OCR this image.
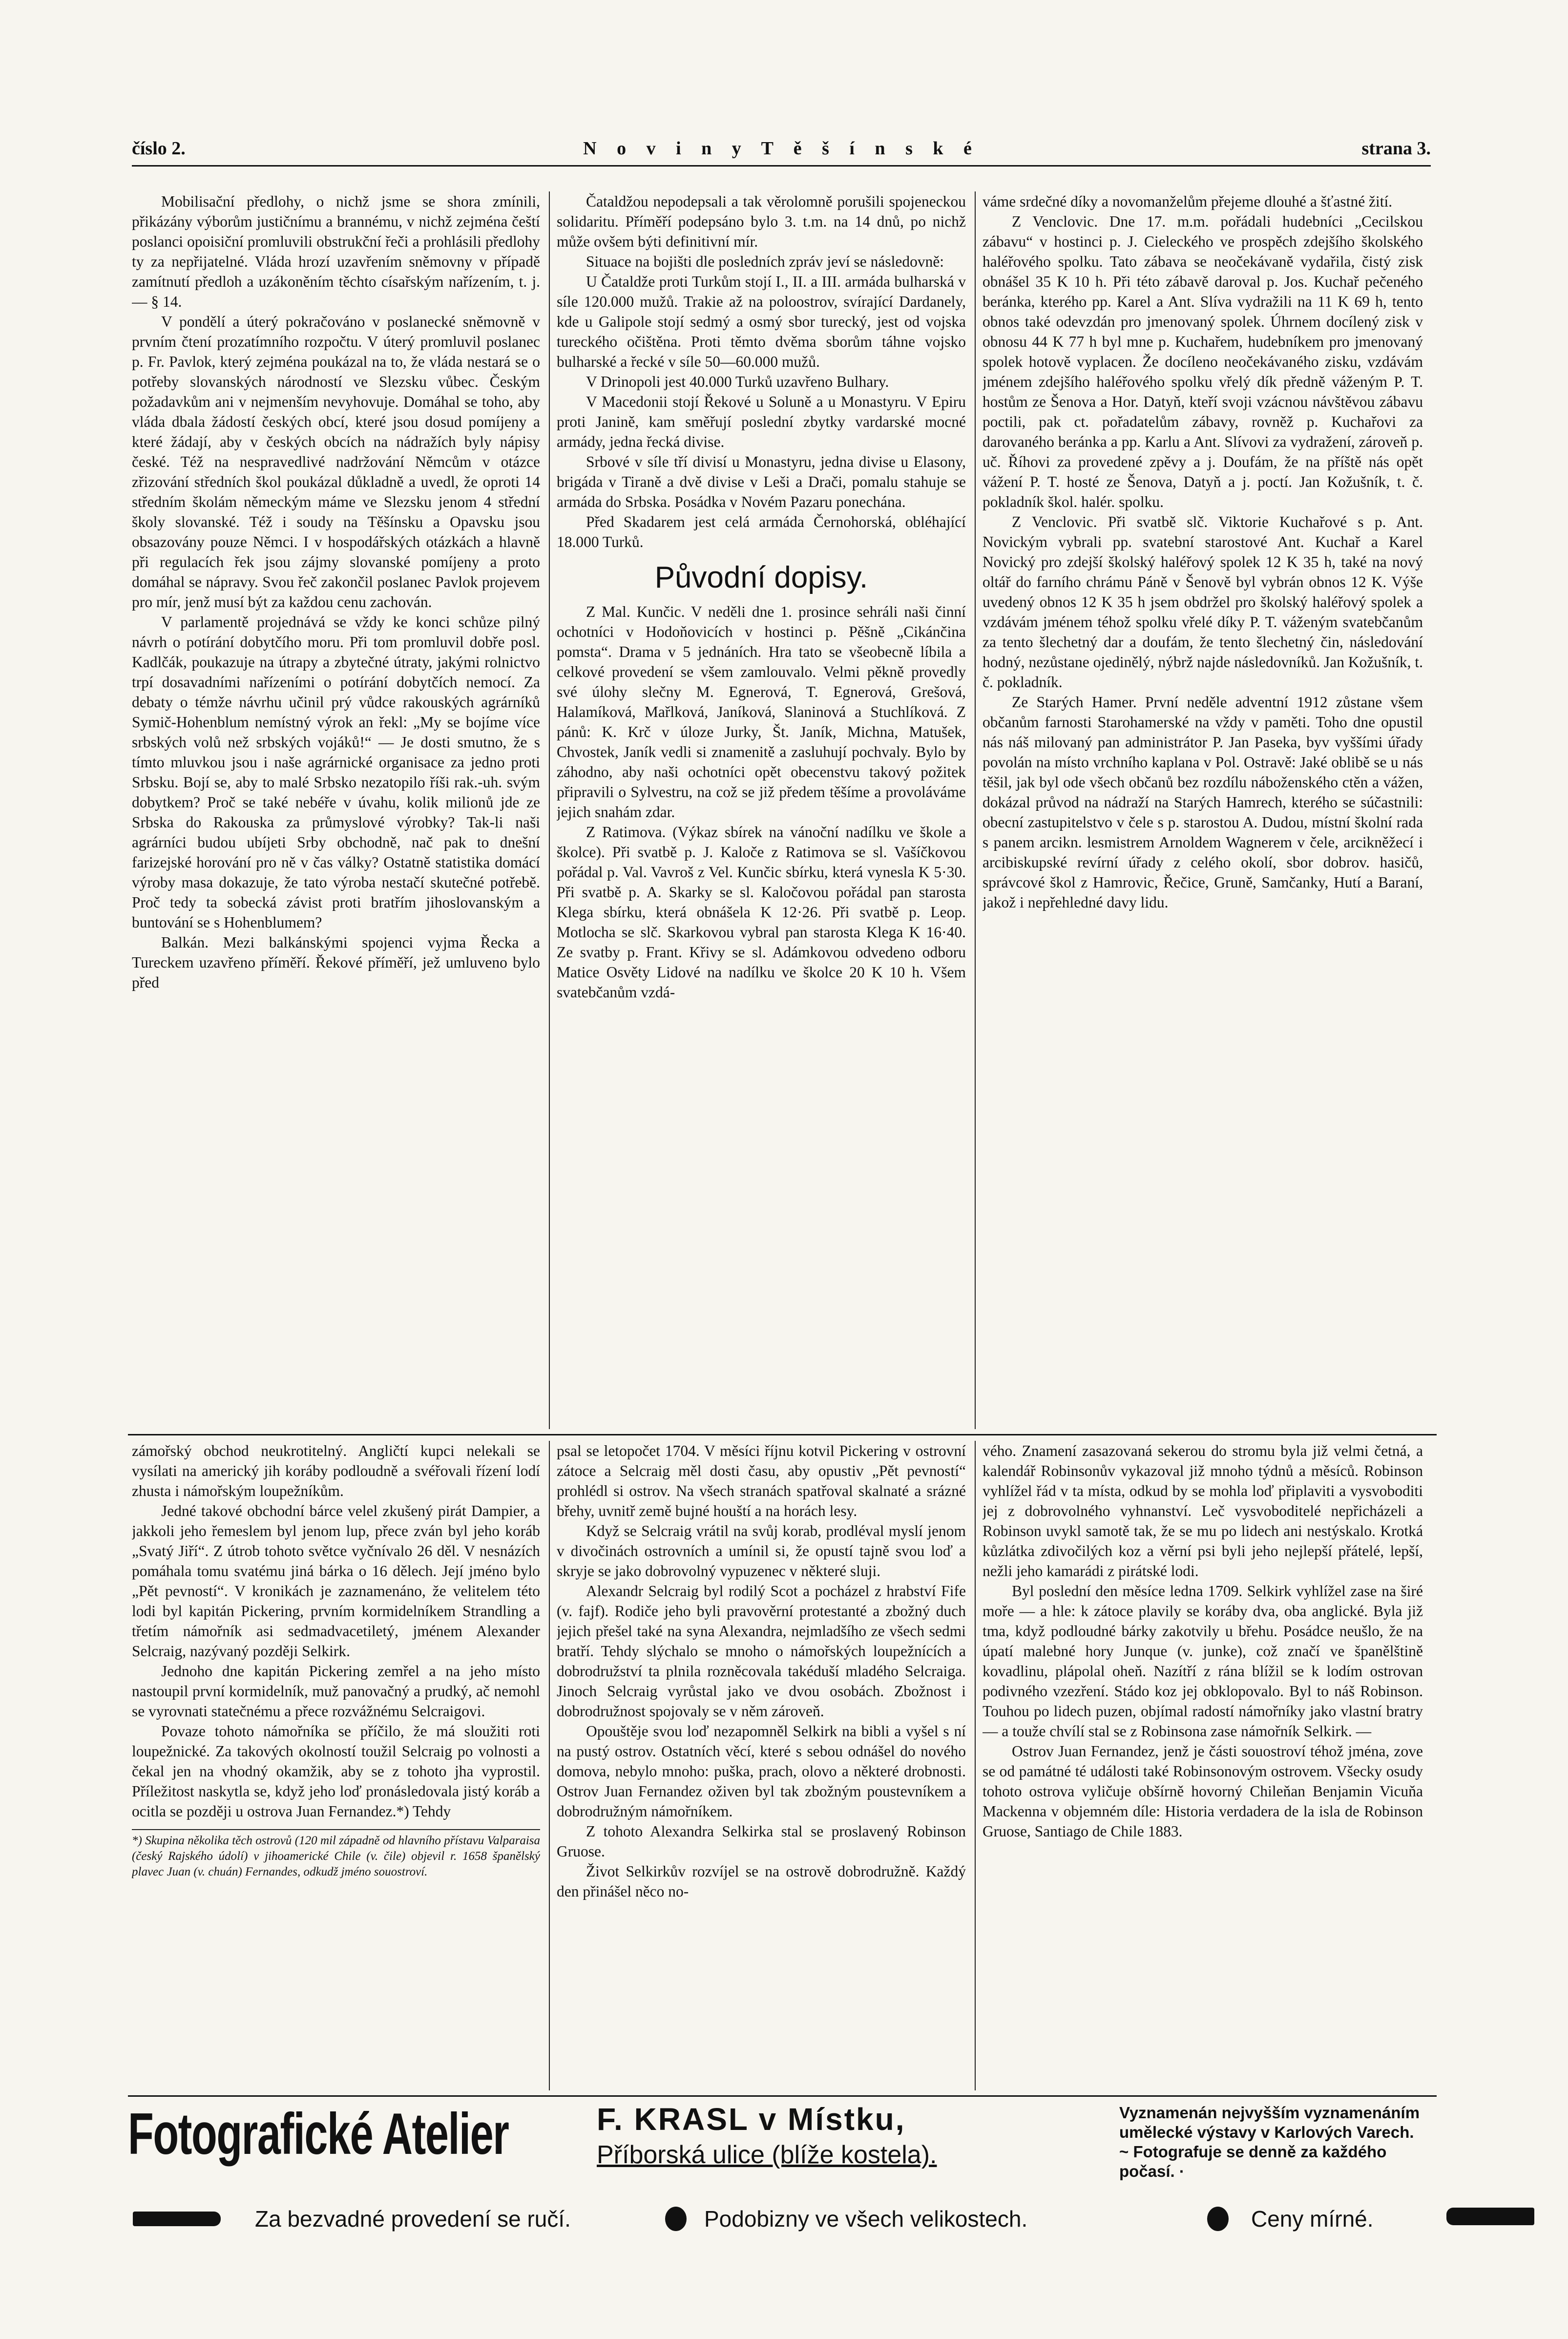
číslo 2.	N o v i n y T ě š í n s k é	strana 3.

Mobilisační předlohy, o nichž jsme se shora zmínili, přikázány výborům justičnímu a brannému, v nichž zejména čeští poslanci opoisiční promluvili obstrukční řeči a prohlásili předlohy ty za nepřijatelné. Vláda hrozí uzavřením sněmovny v případě zamítnutí předloh a uzákoněním těchto císařským nařízením, t. j. — § 14.

V pondělí a úterý pokračováno v poslanecké sněmovně v prvním čtení prozatímního rozpočtu. V úterý promluvil poslanec p. Fr. Pavlok, který zejména poukázal na to, že vláda nestará se o potřeby slovanských národností ve Slezsku vůbec. Českým požadavkům ani v nejmenším nevyhovuje. Domáhal se toho, aby vláda dbala žádostí českých obcí, které jsou dosud pomíjeny a které žádají, aby v českých obcích na nádražích byly nápisy české. Též na nespravedlivé nadržování Němcům v otázce zřizování středních škol poukázal důkladně a uvedl, že oproti 14 středním školám německým máme ve Slezsku jenom 4 střední školy slovanské. Též i soudy na Těšínsku a Opavsku jsou obsazovány pouze Němci. I v hospodářských otázkách a hlavně při regulacích řek jsou zájmy slovanské pomíjeny a proto domáhal se nápravy. Svou řeč zakončil poslanec Pavlok projevem pro mír, jenž musí být za každou cenu zachován.

V parlamentě projednává se vždy ke konci schůze pilný návrh o potírání dobytčího moru. Při tom promluvil dobře posl. Kadlčák, poukazuje na útrapy a zbytečné útraty, jakými rolnictvo trpí dosavadními nařízeními o potírání dobytčích nemocí. Za debaty o témže návrhu učinil prý vůdce rakouských agrárníků Symič-Hohenblum nemístný výrok an řekl: „My se bojíme více srbských volů než srbských vojáků!“ — Je dosti smutno, že s tímto mluvkou jsou i naše agrárnické organisace za jedno proti Srbsku. Bojí se, aby to malé Srbsko nezatopilo říši rak.-uh. svým dobytkem? Proč se také nebéře v úvahu, kolik milionů jde ze Srbska do Rakouska za průmyslové výrobky? Tak-li naši agrárníci budou ubíjeti Srby obchodně, nač pak to dnešní farizejské horování pro ně v čas války? Ostatně statistika domácí výroby masa dokazuje, že tato výroba nestačí skutečné potřebě. Proč tedy ta sobecká závist proti bratřím jihoslovanským a buntování se s Hohenblumem?

Balkán. Mezi balkánskými spojenci vyjma Řecka a Tureckem uzavřeno příměří. Řekové příměří, jež umluveno bylo před

Čataldžou nepodepsali a tak věrolomně porušili spojeneckou solidaritu. Příměří podepsáno bylo 3. t.m. na 14 dnů, po nichž může ovšem býti definitivní mír.

Situace na bojišti dle posledních zpráv jeví se následovně:

U Čataldže proti Turkům stojí I., II. a III. armáda bulharská v síle 120.000 mužů. Trakie až na poloostrov, svírající Dardanely, kde u Galipole stojí sedmý a osmý sbor turecký, jest od vojska tureckého očištěna. Proti těmto dvěma sborům táhne vojsko bulharské a řecké v síle 50—60.000 mužů.

V Drinopoli jest 40.000 Turků uzavřeno Bulhary.

V Macedonii stojí Řekové u Soluně a u Monastyru. V Epiru proti Janině, kam směřují poslední zbytky vardarské mocné armády, jedna řecká divise.

Srbové v síle tří divisí u Monastyru, jedna divise u Elasony, brigáda v Tiraně a dvě divise v Leši a Drači, pomalu stahuje se armáda do Srbska. Posádka v Novém Pazaru ponechána.

Před Skadarem jest celá armáda Černohorská, obléhající 18.000 Turků.

Původní dopisy.

Z Mal. Kunčic. V neděli dne 1. prosince sehráli naši činní ochotníci v Hodoňovicích v hostinci p. Pěšně „Cikánčina pomsta“. Drama v 5 jednáních. Hra tato se všeobecně líbila a celkové provedení se všem zamlouvalo. Velmi pěkně provedly své úlohy slečny M. Egnerová, T. Egnerová, Grešová, Halamíková, Mařlková, Janíková, Slaninová a Stuchlíková. Z pánů: K. Krč v úloze Jurky, Št. Janík, Michna, Matušek, Chvostek, Janík vedli si znamenitě a zasluhují pochvaly. Bylo by záhodno, aby naši ochotníci opět obecenstvu takový požitek připravili o Sylvestru, na což se již předem těšíme a provoláváme jejich snahám zdar.

Z Ratimova. (Výkaz sbírek na vánoční nadílku ve škole a školce). Při svatbě p. J. Kaloče z Ratimova se sl. Vašíčkovou pořádal p. Val. Vavroš z Vel. Kunčic sbírku, která vynesla K 5·30. Při svatbě p. A. Skarky se sl. Kaločovou pořádal pan starosta Klega sbírku, která obnášela K 12·26. Při svatbě p. Leop. Motlocha se slč. Skarkovou vybral pan starosta Klega K 16·40. Ze svatby p. Frant. Křivy se sl. Adámkovou odvedeno odboru Matice Osvěty Lidové na nadílku ve školce 20 K 10 h. Všem svatebčanům vzdá-

váme srdečné díky a novomanželům přejeme dlouhé a šťastné žití.

Z Venclovic. Dne 17. m.m. pořádali hudebníci „Cecilskou zábavu“ v hostinci p. J. Cieleckého ve prospěch zdejšího školského haléřového spolku. Tato zábava se neočekávaně vydařila, čistý zisk obnášel 35 K 10 h. Při této zábavě daroval p. Jos. Kuchař pečeného beránka, kterého pp. Karel a Ant. Slíva vydražili na 11 K 69 h, tento obnos také odevzdán pro jmenovaný spolek. Úhrnem docílený zisk v obnosu 44 K 77 h byl mne p. Kuchařem, hudebníkem pro jmenovaný spolek hotově vyplacen. Že docíleno neočekávaného zisku, vzdávám jménem zdejšího haléřového spolku vřelý dík předně váženým P. T. hostům ze Šenova a Hor. Datyň, kteří svoji vzácnou návštěvou zábavu poctili, pak ct. pořadatelům zábavy, rovněž p. Kuchařovi za darovaného beránka a pp. Karlu a Ant. Slívovi za vydražení, zároveň p. uč. Říhovi za provedené zpěvy a j. Doufám, že na příště nás opět vážení P. T. hosté ze Šenova, Datyň a j. poctí. Jan Kožušník, t. č. pokladník škol. halér. spolku.

Z Venclovic. Při svatbě slč. Viktorie Kuchařové s p. Ant. Novickým vybrali pp. svatební starostové Ant. Kuchař a Karel Novický pro zdejší školský haléřový spolek 12 K 35 h, také na nový oltář do farního chrámu Páně v Šenově byl vybrán obnos 12 K. Výše uvedený obnos 12 K 35 h jsem obdržel pro školský haléřový spolek a vzdávám jménem téhož spolku vřelé díky P. T. váženým svatebčanům za tento šlechetný dar a doufám, že tento šlechetný čin, následování hodný, nezůstane ojedinělý, nýbrž najde následovníků. Jan Kožušník, t. č. pokladník.

Ze Starých Hamer. První neděle adventní 1912 zůstane všem občanům farnosti Starohamerské na vždy v paměti. Toho dne opustil nás náš milovaný pan administrátor P. Jan Paseka, byv vyššími úřady povolán na místo vrchního kaplana v Pol. Ostravě: Jaké oblibě se u nás těšil, jak byl ode všech občanů bez rozdílu náboženského ctěn a vážen, dokázal průvod na nádraží na Starých Hamrech, kterého se súčastnili: obecní zastupitelstvo v čele s p. starostou A. Dudou, místní školní rada s panem arcikn. lesmistrem Arnoldem Wagnerem v čele, arcikněžecí i arcibiskupské revírní úřady z celého okolí, sbor dobrov. hasičů, správcové škol z Hamrovic, Řečice, Gruně, Samčanky, Hutí a Baraní, jakož i nepřehledné davy lidu.

zámořský obchod neukrotitelný. Angličtí kupci nelekali se vysílati na americký jih koráby podloudně a svéřovali řízení lodí zhusta i námořským loupežníkům.

Jedné takové obchodní bárce velel zkušený pirát Dampier, a jakkoli jeho řemeslem byl jenom lup, přece zván byl jeho koráb „Svatý Jiří“. Z útrob tohoto světce vyčnívalo 26 děl. V nesnázích pomáhala tomu svatému jiná bárka o 16 dělech. Její jméno bylo „Pět pevností“. V kronikách je zaznamenáno, že velitelem této lodi byl kapitán Pickering, prvním kormidelníkem Strandling a třetím námořník asi sedmadvacetiletý, jménem Alexander Selcraig, nazývaný později Selkirk.

Jednoho dne kapitán Pickering zemřel a na jeho místo nastoupil první kormidelník, muž panovačný a prudký, ač nemohl se vyrovnati statečnému a přece rozvážnému Selcraigovi.

Povaze tohoto námořníka se příčilo, že má sloužiti roti loupežnické. Za takových okolností toužil Selcraig po volnosti a čekal jen na vhodný okamžik, aby se z tohoto jha vyprostil. Příležitost naskytla se, když jeho loď pronásledovala jistý koráb a ocitla se později u ostrova Juan Fernandez.*) Tehdy

*) Skupina několika těch ostrovů (120 mil západně od hlavního přístavu Valparaisa (český Rajského údolí) v jihoamerické Chile (v. čile) objevil r. 1658 španělský plavec Juan (v. chuán) Fernandes, odkudž jméno souostroví.

psal se letopočet 1704. V měsíci říjnu kotvil Pickering v ostrovní zátoce a Selcraig měl dosti času, aby opustiv „Pět pevností“ prohlédl si ostrov. Na všech stranách spatřoval skalnaté a srázné břehy, uvnitř země bujné houští a na horách lesy.

Když se Selcraig vrátil na svůj korab, prodléval myslí jenom v divočinách ostrovních a umínil si, že opustí tajně svou loď a skryje se jako dobrovolný vypuzenec v některé sluji.

Alexandr Selcraig byl rodilý Scot a pocházel z hrabství Fife (v. fajf). Rodiče jeho byli pravověrní protestanté a zbožný duch jejich přešel také na syna Alexandra, nejmladšího ze všech sedmi bratří. Tehdy slýchalo se mnoho o námořských loupežnících a dobrodružství ta plnila rozněcovala takéduší mladého Selcraiga. Jinoch Selcraig vyrůstal jako ve dvou osobách. Zbožnost i dobrodružnost spojovaly se v něm zároveň.

Opouštěje svou loď nezapomněl Selkirk na bibli a vyšel s ní na pustý ostrov. Ostatních věcí, které s sebou odnášel do nového domova, nebylo mnoho: puška, prach, olovo a některé drobnosti. Ostrov Juan Fernandez oživen byl tak zbožným poustevníkem a dobrodružným námořníkem.

Z tohoto Alexandra Selkirka stal se proslavený Robinson Gruose.

Život Selkirkův rozvíjel se na ostrově dobrodružně. Každý den přinášel něco no-

vého. Znamení zasazovaná sekerou do stromu byla již velmi četná, a kalendář Robinsonův vykazoval již mnoho týdnů a měsíců. Robinson vyhlížel řád v ta místa, odkud by se mohla loď připlaviti a vysvoboditi jej z dobrovolného vyhnanství. Leč vysvoboditelé nepřicházeli a Robinson uvykl samotě tak, že se mu po lidech ani nestýskalo. Krotká kůzlátka zdivočilých koz a věrní psi byli jeho nejlepší přátelé, lepší, nežli jeho kamarádi z pirátské lodi.

Byl poslední den měsíce ledna 1709. Selkirk vyhlížel zase na širé moře — a hle: k zátoce plavily se koráby dva, oba anglické. Byla již tma, když podloudné bárky zakotvily u břehu. Posádce neušlo, že na úpatí malebné hory Junque (v. junke), což značí ve španělštině kovadlinu, plápolal oheň. Nazítří z rána blížil se k lodím ostrovan podivného vzezření. Stádo koz jej obklopovalo. Byl to náš Robinson. Touhou po lidech puzen, objímal radostí námořníky jako vlastní bratry — a touže chvílí stal se z Robinsona zase námořník Selkirk. —

Ostrov Juan Fernandez, jenž je části souostroví téhož jména, zove se od památné té události také Robinsonovým ostrovem. Všecky osudy tohoto ostrova vyličuje obšírně hovorný Chileňan Benjamin Vicuňa Mackenna v objemném díle: Historia verdadera de la isla de Robinson Gruose, Santiago de Chile 1883.

Fotografické Atelier	F. KRASL v Místku,
Příborská ulice (blíže kostela).
Vyznamenán nejvyšším vyznamenáním
umělecké výstavy v Karlových Varech.
~ Fotografuje se denně za každého počasí. ·
Za bezvadné provedení se ručí.	Podobizny ve všech velikostech.	Ceny mírné.
